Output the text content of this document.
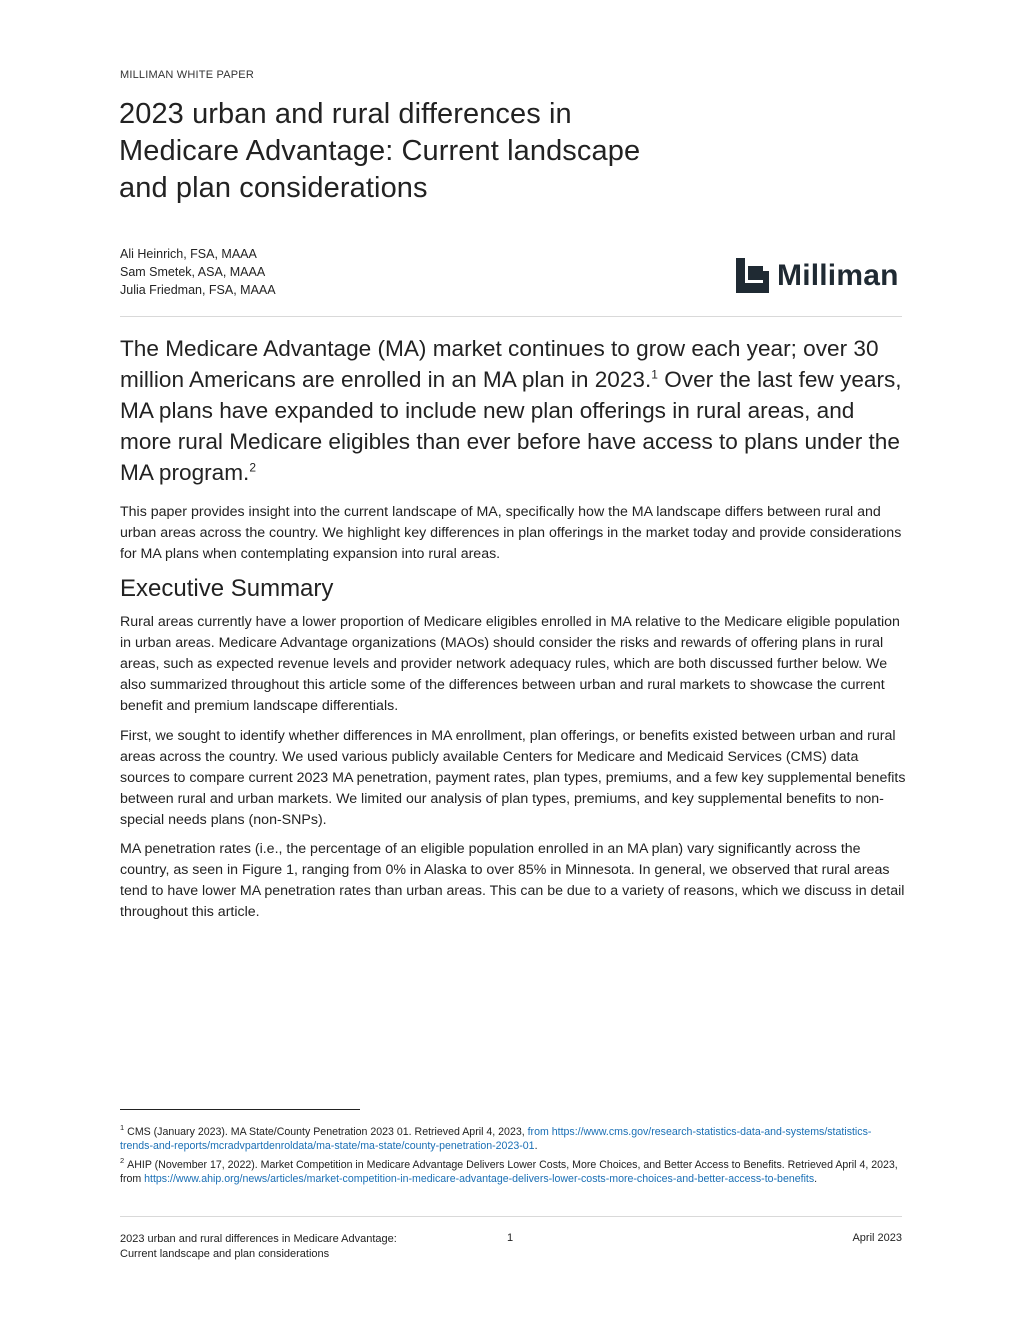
MILLIMAN WHITE PAPER
2023 urban and rural differences in
Medicare Advantage: Current landscape
and plan considerations
Ali Heinrich, FSA, MAAA
Sam Smetek, ASA, MAAA
Julia Friedman, FSA, MAAA	Milliman

The Medicare Advantage (MA) market continues to grow each year; over 30 million Americans are enrolled in an MA plan in 2023.$^1$ Over the last few years, MA plans have expanded to include new plan offerings in rural areas, and more rural Medicare eligibles than ever before have access to plans under the MA program.$^2$

This paper provides insight into the current landscape of MA, specifically how the MA landscape differs between rural and urban areas across the country. We highlight key differences in plan offerings in the market today and provide considerations for MA plans when contemplating expansion into rural areas.

Executive Summary

Rural areas currently have a lower proportion of Medicare eligibles enrolled in MA relative to the Medicare eligible population in urban areas. Medicare Advantage organizations (MAOs) should consider the risks and rewards of offering plans in rural areas, such as expected revenue levels and provider network adequacy rules, which are both discussed further below. We also summarized throughout this article some of the differences between urban and rural markets to showcase the current benefit and premium landscape differentials.

First, we sought to identify whether differences in MA enrollment, plan offerings, or benefits existed between urban and rural areas across the country. We used various publicly available Centers for Medicare and Medicaid Services (CMS) data sources to compare current 2023 MA penetration, payment rates, plan types, premiums, and a few key supplemental benefits between rural and urban markets. We limited our analysis of plan types, premiums, and key supplemental benefits to non-special needs plans (non-SNPs).

MA penetration rates (i.e., the percentage of an eligible population enrolled in an MA plan) vary significantly across the country, as seen in Figure 1, ranging from 0% in Alaska to over 85% in Minnesota. In general, we observed that rural areas tend to have lower MA penetration rates than urban areas. This can be due to a variety of reasons, which we discuss in detail throughout this article.

$^1$ CMS (January 2023). MA State/County Penetration 2023 01. Retrieved April 4, 2023, from https://www.cms.gov/research-statistics-data-and-systems/statistics-trends-and-reports/mcradvpartdenroldata/ma-state/ma-state/county-penetration-2023-01.

$^2$ AHIP (November 17, 2022). Market Competition in Medicare Advantage Delivers Lower Costs, More Choices, and Better Access to Benefits. Retrieved April 4, 2023, from https://www.ahip.org/news/articles/market-competition-in-medicare-advantage-delivers-lower-costs-more-choices-and-better-access-to-benefits.

2023 urban and rural differences in Medicare Advantage:
Current landscape and plan considerations
1	April 2023
